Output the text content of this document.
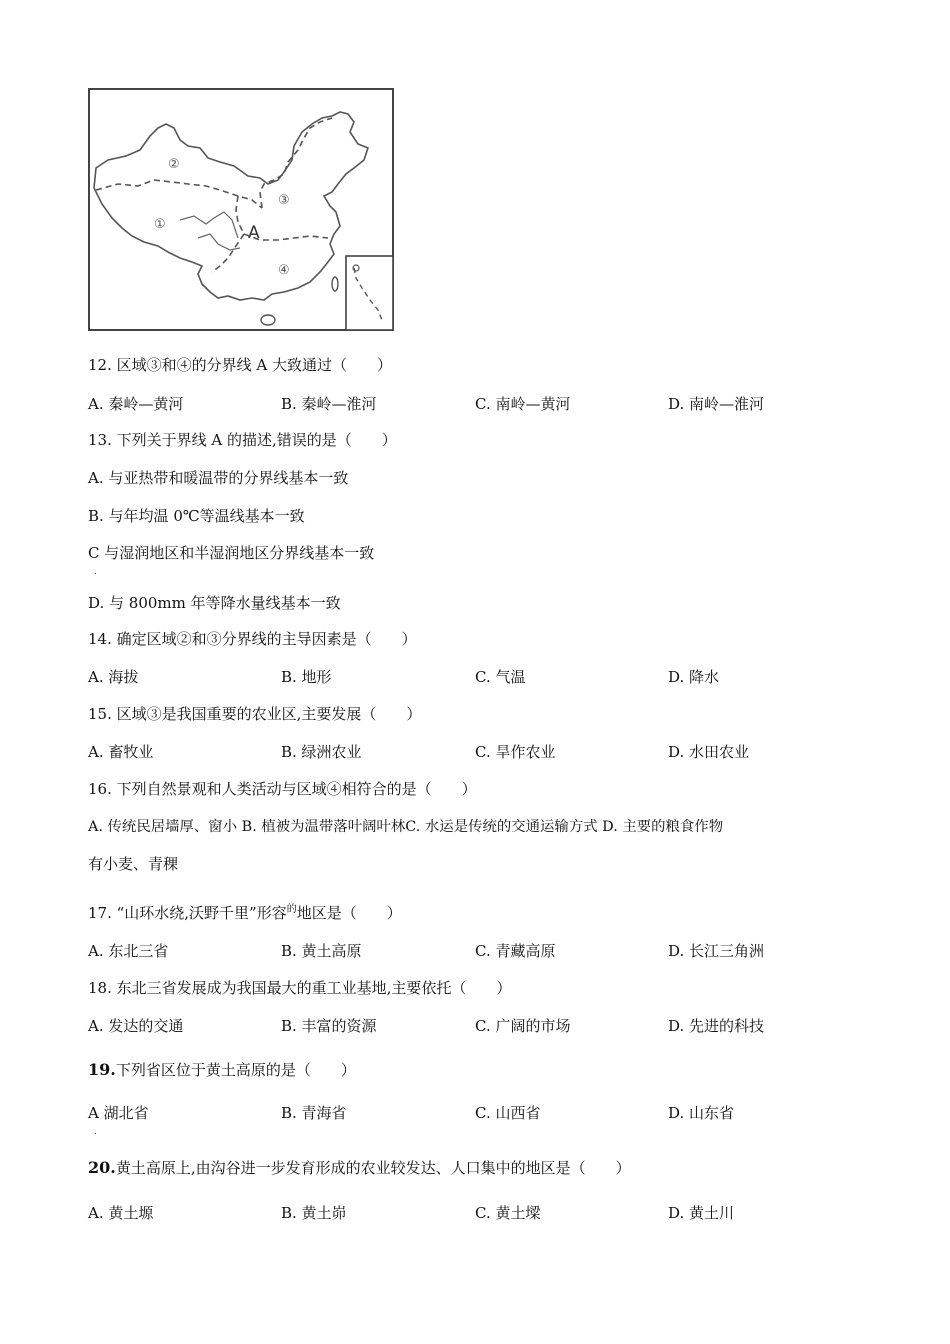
②
①
③
④
A
12. 区域③和④的分界线 A 大致通过（　　）
A. 秦岭—黄河	B. 秦岭—淮河	C. 南岭—黄河	D. 南岭—淮河
13. 下列关于界线 A 的描述,错误的是（　　）
A. 与亚热带和暖温带的分界线基本一致
B. 与年均温 0℃等温线基本一致
C 与湿润地区和半湿润地区分界线基本一致
.
D. 与 800mm 年等降水量线基本一致
14. 确定区域②和③分界线的主导因素是（　　）
A. 海拔	B. 地形	C. 气温	D. 降水
15. 区域③是我国重要的农业区,主要发展（　　）
A. 畜牧业	B. 绿洲农业	C. 旱作农业	D. 水田农业
16. 下列自然景观和人类活动与区域④相符合的是（　　）
A. 传统民居墙厚、窗小 B. 植被为温带落叶阔叶林C. 水运是传统的交通运输方式 D. 主要的粮食作物
有小麦、青稞
17. “山环水绕,沃野千里”形容$^的$地区是（　　）
A. 东北三省	B. 黄土高原	C. 青藏高原	D. 长江三角洲
18. 东北三省发展成为我国最大的重工业基地,主要依托（　　）
A. 发达的交通	B. 丰富的资源	C. 广阔的市场	D. 先进的科技
19.下列省区位于黄土高原的是（　　）
A 湖北省	B. 青海省	C. 山西省	D. 山东省
.
20.黄土高原上,由沟谷进一步发育形成的农业较发达、人口集中的地区是（　　）
A. 黄土塬	B. 黄土峁	C. 黄土墚	D. 黄土川
